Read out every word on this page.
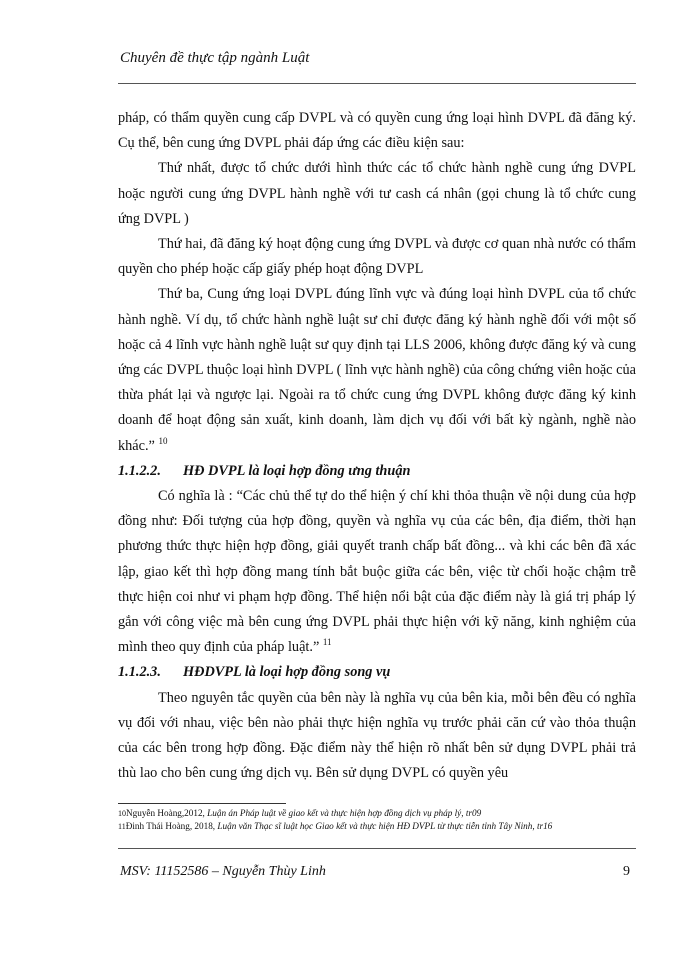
Chuyên đề thực tập ngành Luật

pháp, có thẩm quyền cung cấp DVPL và có quyền cung ứng loại hình DVPL đã đăng ký. Cụ thể, bên cung ứng DVPL phải đáp ứng các điều kiện sau:

Thứ nhất, được tổ chức dưới hình thức các tổ chức hành nghề cung ứng DVPL hoặc người cung ứng DVPL hành nghề với tư cash cá nhân (gọi chung là tổ chức cung ứng DVPL )

Thứ hai, đã đăng ký hoạt động cung ứng DVPL và được cơ quan nhà nước có thẩm quyền cho phép hoặc cấp giấy phép hoạt động DVPL

Thứ ba, Cung ứng loại DVPL đúng lĩnh vực và đúng loại hình DVPL của tổ chức hành nghề. Ví dụ, tổ chức hành nghề luật sư chỉ được đăng ký hành nghề đối với một số hoặc cả 4 lĩnh vực hành nghề luật sư quy định tại LLS 2006, không được đăng ký và cung ứng các DVPL thuộc loại hình DVPL ( lĩnh vực hành nghề) của công chứng viên hoặc của thừa phát lại và ngược lại. Ngoài ra tổ chức cung ứng DVPL không được đăng ký kinh doanh để hoạt động sản xuất, kinh doanh, làm dịch vụ đối với bất kỳ ngành, nghề nào khác.” $^{10}$

1.1.2.2. HĐ DVPL là loại hợp đồng ưng thuận

Có nghĩa là : “Các chủ thể tự do thể hiện ý chí khi thỏa thuận về nội dung của hợp đồng như: Đối tượng của hợp đồng, quyền và nghĩa vụ của các bên, địa điểm, thời hạn phương thức thực hiện hợp đồng, giải quyết tranh chấp bất đồng... và khi các bên đã xác lập, giao kết thì hợp đồng mang tính bắt buộc giữa các bên, việc từ chối hoặc chậm trễ thực hiện coi như vi phạm hợp đồng. Thể hiện nổi bật của đặc điểm này là giá trị pháp lý gắn với công việc mà bên cung ứng DVPL phải thực hiện với kỹ năng, kinh nghiệm của mình theo quy định của pháp luật.” $^{11}$

1.1.2.3. HĐDVPL là loại hợp đồng song vụ

Theo nguyên tắc quyền của bên này là nghĩa vụ của bên kia, mỗi bên đều có nghĩa vụ đối với nhau, việc bên nào phải thực hiện nghĩa vụ trước phải căn cứ vào thỏa thuận của các bên trong hợp đồng. Đặc điểm này thể hiện rõ nhất bên sử dụng DVPL phải trả thù lao cho bên cung ứng dịch vụ. Bên sử dụng DVPL có quyền yêu

10Nguyễn Hoàng,2012, Luận án Pháp luật về giao kết và thực hiện hợp đồng dịch vụ pháp lý, tr09

11Đinh Thái Hoàng, 2018, Luận văn Thạc sĩ luật học Giao kết và thực hiện HĐ DVPL từ thực tiễn tỉnh Tây Ninh, tr16

MSV: 11152586 – Nguyễn Thùy Linh	9
